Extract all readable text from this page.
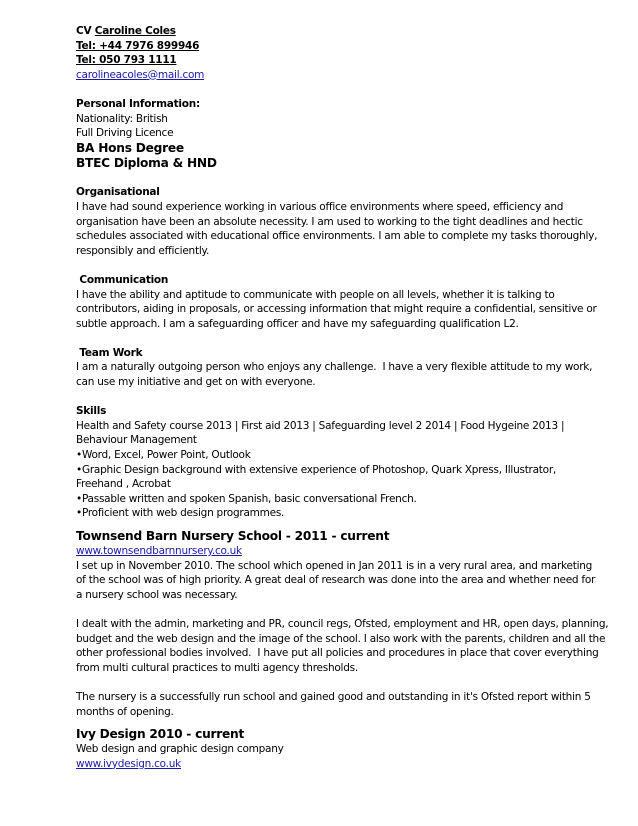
CV Caroline Coles
Tel: +44 7976 899946
Tel: 050 793 1111
carolineacoles@mail.com
Personal Information:
Nationality: British
Full Driving Licence
BA Hons Degree
BTEC Diploma & HND
Organisational
I have had sound experience working in various office environments where speed, efficiency and
organisation have been an absolute necessity. I am used to working to the tight deadlines and hectic
schedules associated with educational office environments. I am able to complete my tasks thoroughly,
responsibly and efficiently.
Communication
I have the ability and aptitude to communicate with people on all levels, whether it is talking to
contributors, aiding in proposals, or accessing information that might require a confidential, sensitive or
subtle approach. I am a safeguarding officer and have my safeguarding qualification L2.
Team Work
I am a naturally outgoing person who enjoys any challenge.  I have a very flexible attitude to my work,
can use my initiative and get on with everyone.
Skills
Health and Safety course 2013 | First aid 2013 | Safeguarding level 2 2014 | Food Hygeine 2013 |
Behaviour Management
•Word, Excel, Power Point, Outlook
•Graphic Design background with extensive experience of Photoshop, Quark Xpress, Illustrator,
Freehand , Acrobat
•Passable written and spoken Spanish, basic conversational French.
•Proficient with web design programmes.
Townsend Barn Nursery School - 2011 - current
www.townsendbarnnursery.co.uk
I set up in November 2010. The school which opened in Jan 2011 is in a very rural area, and marketing
of the school was of high priority. A great deal of research was done into the area and whether need for
a nursery school was necessary.
I dealt with the admin, marketing and PR, council regs, Ofsted, employment and HR, open days, planning,
budget and the web design and the image of the school. I also work with the parents, children and all the
other professional bodies involved.  I have put all policies and procedures in place that cover everything
from multi cultural practices to multi agency thresholds.
The nursery is a successfully run school and gained good and outstanding in it's Ofsted report within 5
months of opening.
Ivy Design 2010 - current
Web design and graphic design company
www.ivydesign.co.uk
